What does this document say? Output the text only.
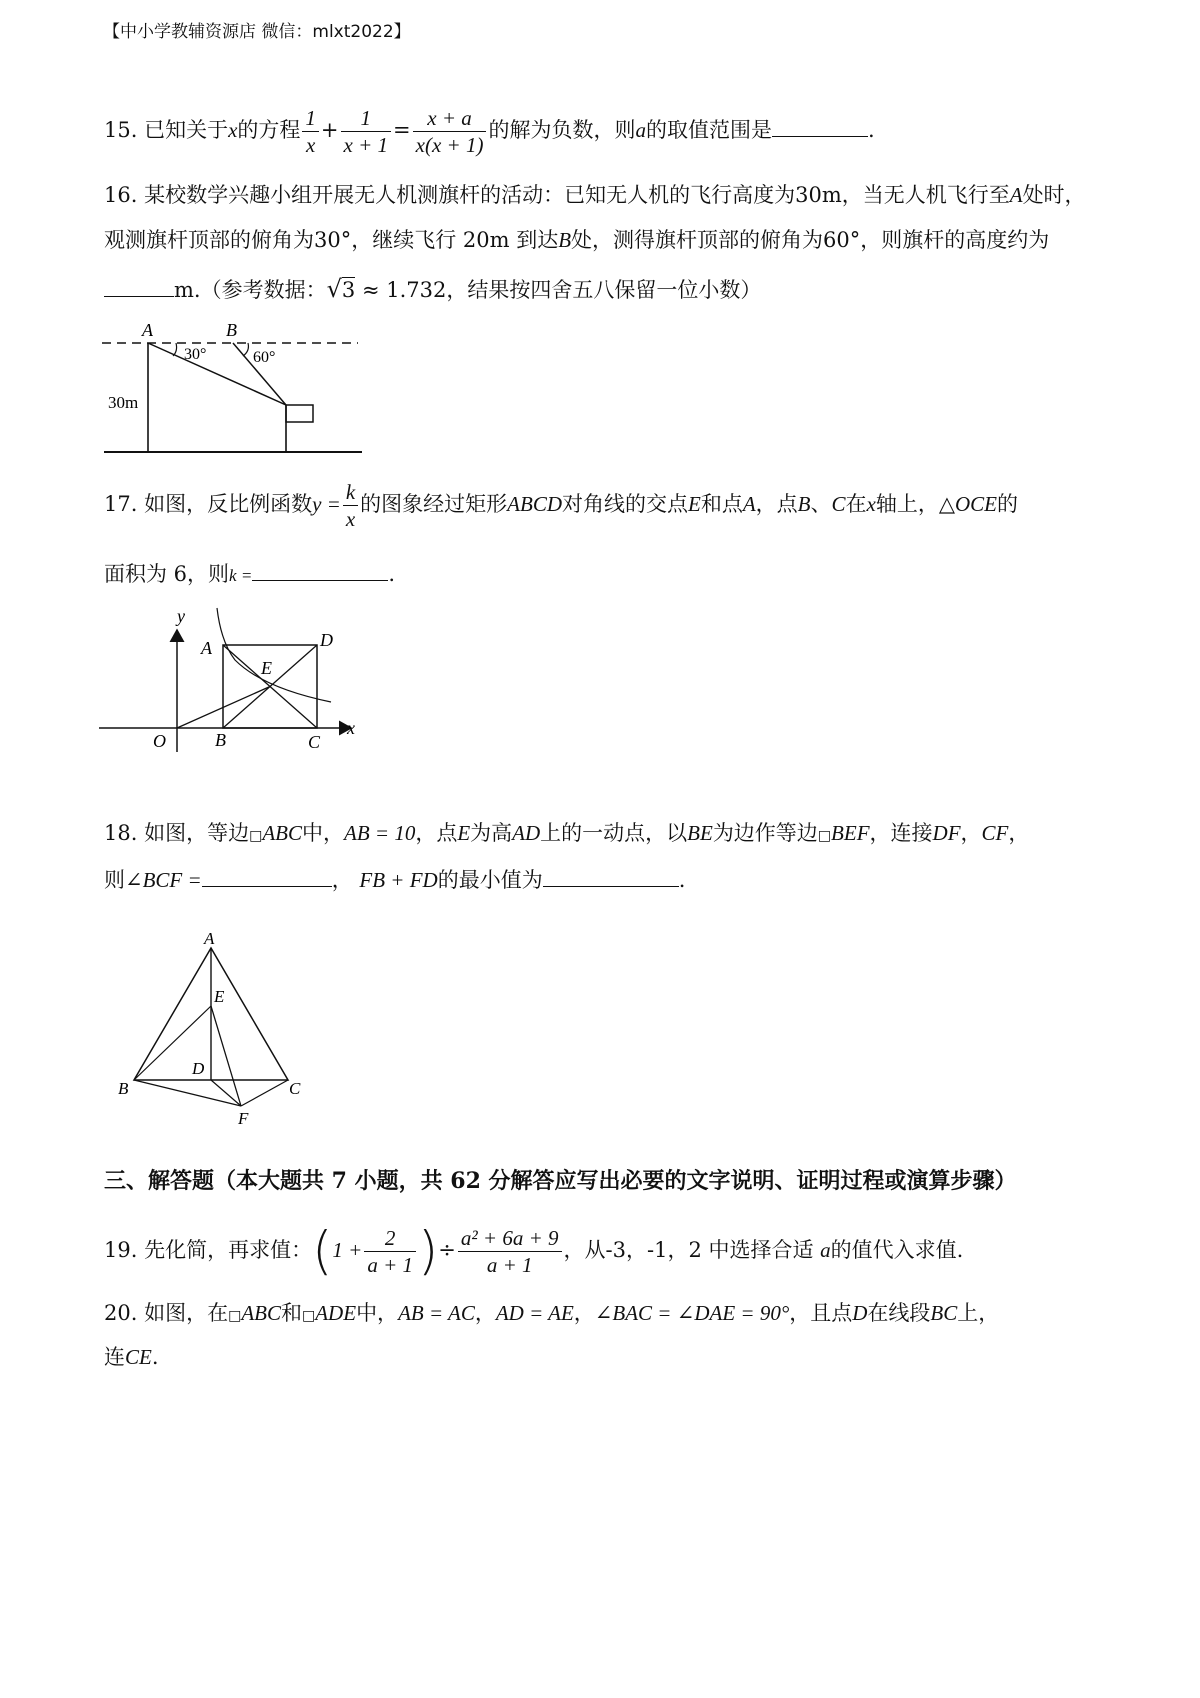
【中小学教辅资源店 微信：mlxt2022】
15. 已知关于x的方程 $\frac{1}{x} + \frac{1}{x + 1} = \frac{x + a}{x(x + 1)}$ 的解为负数，则a的取值范围是	.
16. 某校数学兴趣小组开展无人机测旗杆的活动：已知无人机的飞行高度为30m，当无人机飞行至A处时，
观测旗杆顶部的俯角为30°，继续飞行 20m 到达B处，测得旗杆顶部的俯角为60°，则旗杆的高度约为
m.（参考数据：√3 ≈ 1.732，结果按四舍五八保留一位小数）
A	B
30°	60°
30m
17. 如图，反比例函数$y = \frac{k}{x}$ 的图象经过矩形ABCD对角线的交点E和点A，点B、C在x轴上，△OCE的
面积为 6，则k =	.
y
x
O
A	D
E
B	C
18. 如图，等边□ABC中，AB = 10，点E为高AD上的一动点，以BE为边作等边□BEF，连接DF，CF，
则∠BCF =	， FB + FD的最小值为	.
A
E
D
B	C
F
三、解答题（本大题共 7 小题，共 62 分解答应写出必要的文字说明、证明过程或演算步骤）
19. 先化简，再求值：($1 + \frac{2}{a + 1}$ )÷ $\frac{\text{a² + 6a + 9}}{a + 1}$ ，从-3，-1，2 中选择合适 a的值代入求值.
20. 如图，在□ABC和□ADE中，AB = AC，AD = AE，∠BAC = ∠DAE = 90°，且点D在线段BC上，
连CE.
